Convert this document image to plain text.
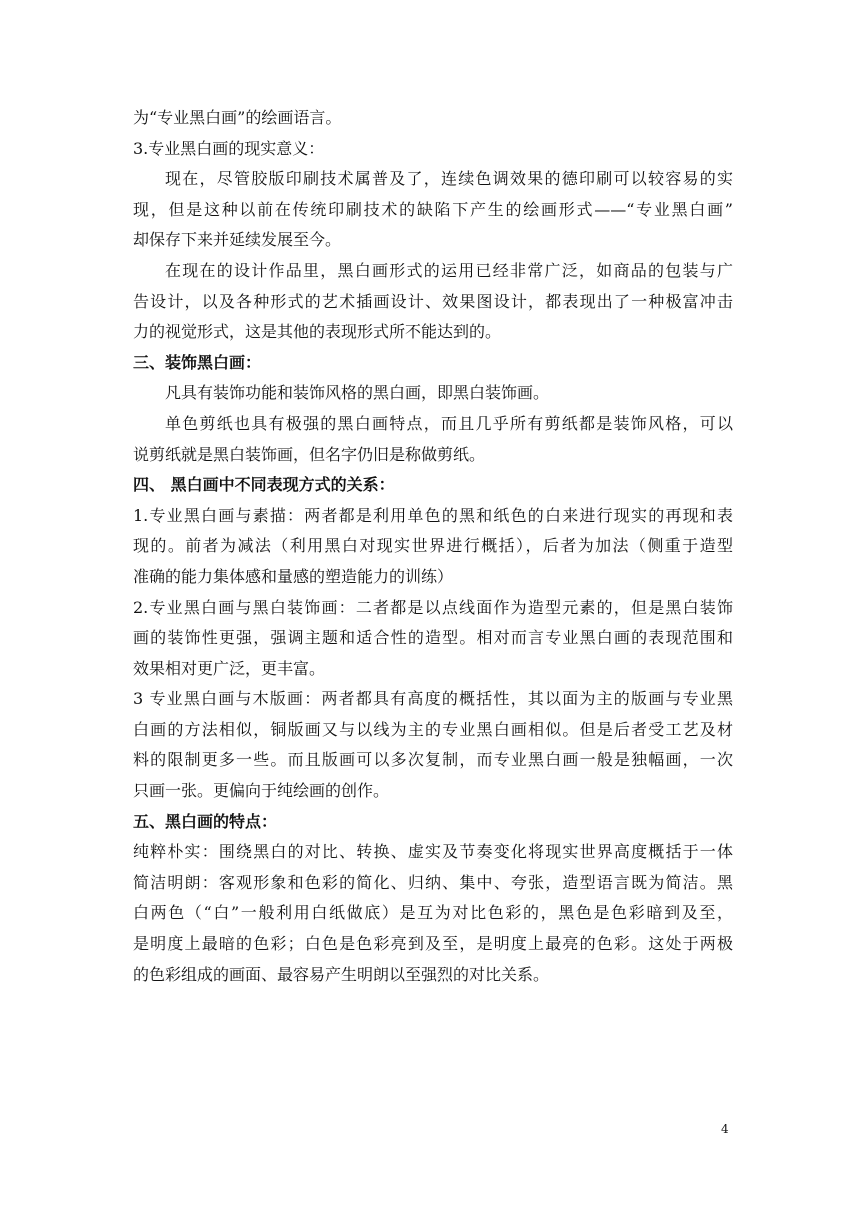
为“专业黑白画”的绘画语言。
3.专业黑白画的现实意义：
现在，尽管胶版印刷技术属普及了，连续色调效果的德印刷可以较容易的实
现，但是这种以前在传统印刷技术的缺陷下产生的绘画形式——“专业黑白画”
却保存下来并延续发展至今。
在现在的设计作品里，黑白画形式的运用已经非常广泛，如商品的包装与广
告设计，以及各种形式的艺术插画设计、效果图设计，都表现出了一种极富冲击
力的视觉形式，这是其他的表现形式所不能达到的。
三、装饰黑白画：
凡具有装饰功能和装饰风格的黑白画，即黑白装饰画。
单色剪纸也具有极强的黑白画特点，而且几乎所有剪纸都是装饰风格，可以
说剪纸就是黑白装饰画，但名字仍旧是称做剪纸。
四、 黑白画中不同表现方式的关系：
1.专业黑白画与素描：两者都是利用单色的黑和纸色的白来进行现实的再现和表
现的。前者为减法（利用黑白对现实世界进行概括），后者为加法（侧重于造型
准确的能力集体感和量感的塑造能力的训练）
2.专业黑白画与黑白装饰画：二者都是以点线面作为造型元素的，但是黑白装饰
画的装饰性更强，强调主题和适合性的造型。相对而言专业黑白画的表现范围和
效果相对更广泛，更丰富。
3 专业黑白画与木版画：两者都具有高度的概括性，其以面为主的版画与专业黑
白画的方法相似，铜版画又与以线为主的专业黑白画相似。但是后者受工艺及材
料的限制更多一些。而且版画可以多次复制，而专业黑白画一般是独幅画，一次
只画一张。更偏向于纯绘画的创作。
五、黑白画的特点：
纯粹朴实：围绕黑白的对比、转换、虚实及节奏变化将现实世界高度概括于一体
简洁明朗：客观形象和色彩的简化、归纳、集中、夸张，造型语言既为简洁。黑
白两色（“白”一般利用白纸做底）是互为对比色彩的，黑色是色彩暗到及至，
是明度上最暗的色彩；白色是色彩亮到及至，是明度上最亮的色彩。这处于两极
的色彩组成的画面、最容易产生明朗以至强烈的对比关系。
4
